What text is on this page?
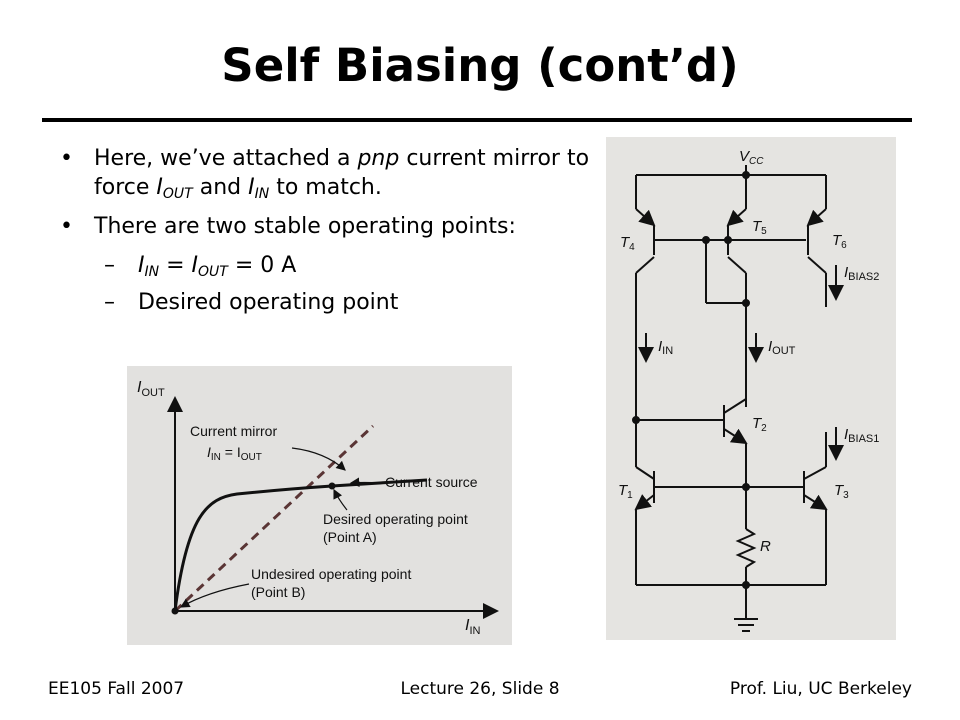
Self Biasing (cont’d)
• Here, we’ve attached a pnp current mirror to force $I_{OUT}$ and $I_{IN}$ to match.
• There are two stable operating points:
– $I_{IN} = I_{OUT} = 0$ A
– Desired operating point
$I_{OUT}$
$I_{IN}$
Current mirror
$I_{IN} = I_{OUT}$
Current source
Desired operating point
(Point A)
Undesired operating point
(Point B)
$V_{CC}$
$T_4$
$T_5$
$T_6$
$T_2$
$T_1$	$T_3$
$I_{IN}$	$I_{OUT}$
$I_{BIAS2}$
$I_{BIAS1}$
R
EE105 Fall 2007	Lecture 26, Slide 8	Prof. Liu, UC Berkeley
